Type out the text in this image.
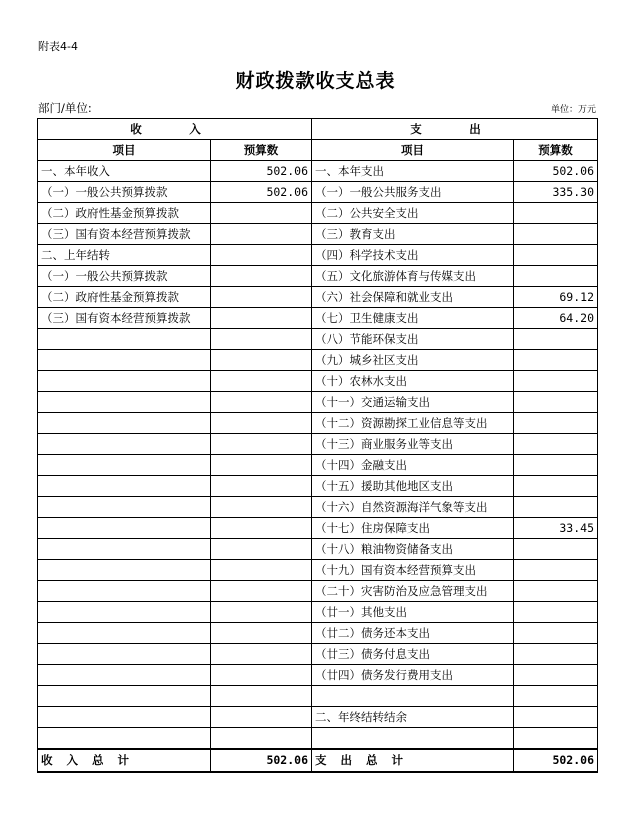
附表4-4
财政拨款收支总表
部门/单位:	单位：万元
收　入		支　出	
项目	预算数	项目	预算数
一、本年收入	502.06	一、本年支出	502.06
（一）一般公共预算拨款	502.06	（一）一般公共服务支出	335.30
（二）政府性基金预算拨款		（二）公共安全支出	
（三）国有资本经营预算拨款		（三）教育支出	
二、上年结转		（四）科学技术支出	
（一）一般公共预算拨款		（五）文化旅游体育与传媒支出	
（二）政府性基金预算拨款		（六）社会保障和就业支出	69.12
（三）国有资本经营预算拨款		（七）卫生健康支出	64.20
		（八）节能环保支出	
		（九）城乡社区支出	
		（十）农林水支出	
		（十一）交通运输支出	
		（十二）资源勘探工业信息等支出	
		（十三）商业服务业等支出	
		（十四）金融支出	
		（十五）援助其他地区支出	
		（十六）自然资源海洋气象等支出	
		（十七）住房保障支出	33.45
		（十八）粮油物资储备支出	
		（十九）国有资本经营预算支出	
		（二十）灾害防治及应急管理支出	
		（廿一）其他支出	
		（廿二）债务还本支出	
		（廿三）债务付息支出	
		（廿四）债务发行费用支出	

		二、年终结转结余	

收入总计	502.06	支出总计	502.06
